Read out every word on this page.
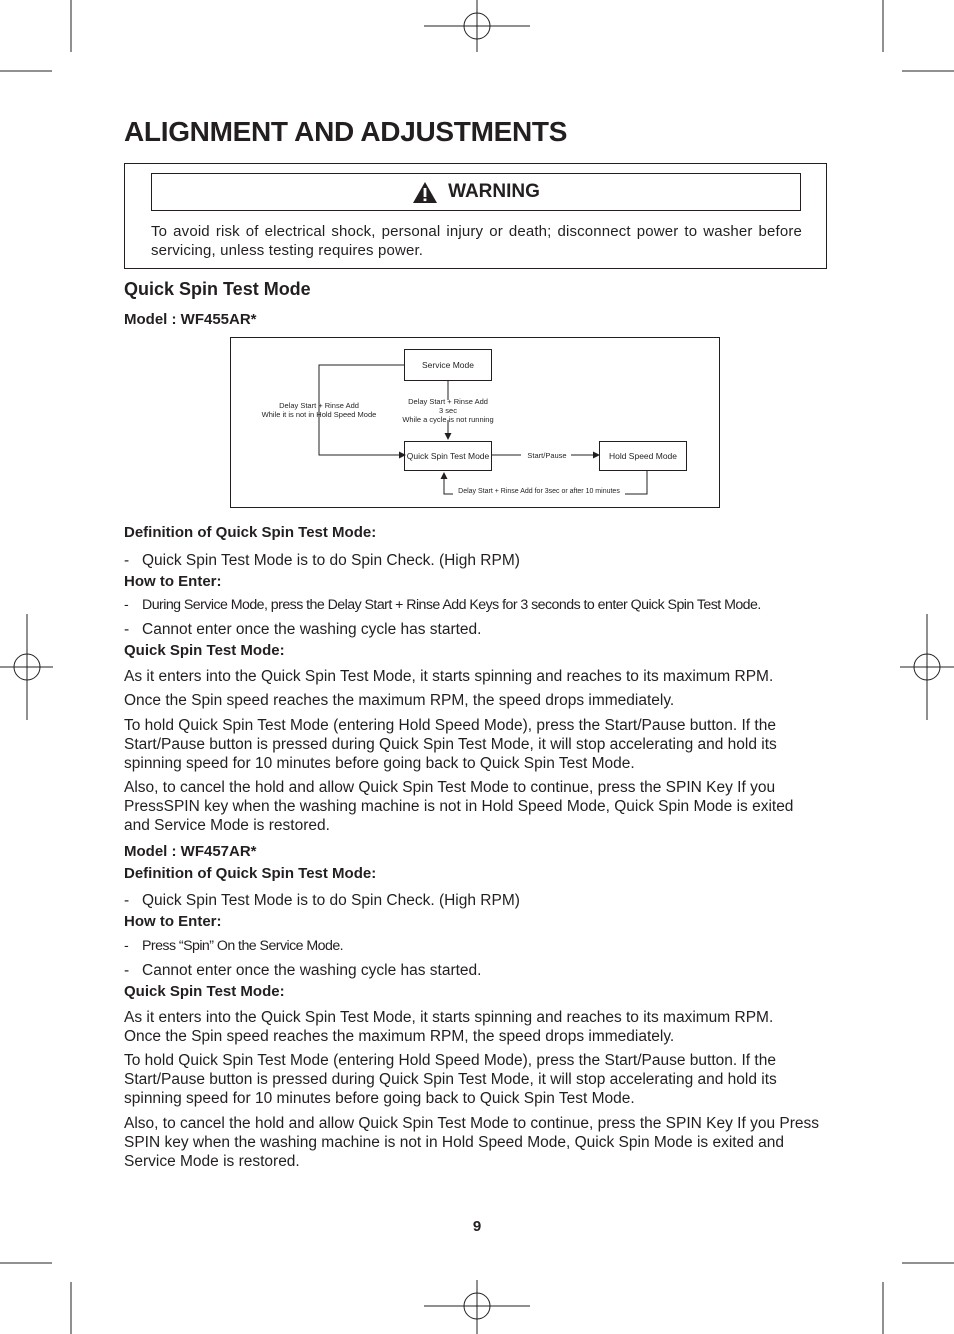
ALIGNMENT AND ADJUSTMENTS
WARNING
To avoid risk of electrical shock, personal injury or death; disconnect power to washer before servicing, unless testing requires power.
Quick Spin Test Mode
Model : WF455AR*
Service Mode
Delay Start + Rinse Add
While it is not in Hold Speed Mode
Delay Start + Rinse Add
3 sec
While a cycle is not running
Quick Spin Test Mode	Start/Pause	Hold Speed Mode
Delay Start + Rinse Add for 3sec or after 10 minutes
Definition of Quick Spin Test Mode:
- Quick Spin Test Mode is to do Spin Check. (High RPM)
How to Enter:
- During Service Mode, press the Delay Start + Rinse Add Keys for 3 seconds to enter Quick Spin Test Mode.
- Cannot enter once the washing cycle has started.
Quick Spin Test Mode:
As it enters into the Quick Spin Test Mode, it starts spinning and reaches to its maximum RPM.
Once the Spin speed reaches the maximum RPM, the speed drops immediately.
To hold Quick Spin Test Mode (entering Hold Speed Mode), press the Start/Pause button. If the Start/Pause button is pressed during Quick Spin Test Mode, it will stop accelerating and hold its spinning speed for 10 minutes before going back to Quick Spin Test Mode.
Also, to cancel the hold and allow Quick Spin Test Mode to continue, press the SPIN Key If you PressSPIN key when the washing machine is not in Hold Speed Mode, Quick Spin Mode is exited and Service Mode is restored.
Model : WF457AR*
Definition of Quick Spin Test Mode:
- Quick Spin Test Mode is to do Spin Check. (High RPM)
How to Enter:
- Press “Spin” On the Service Mode.
- Cannot enter once the washing cycle has started.
Quick Spin Test Mode:
As it enters into the Quick Spin Test Mode, it starts spinning and reaches to its maximum RPM. Once the Spin speed reaches the maximum RPM, the speed drops immediately.
To hold Quick Spin Test Mode (entering Hold Speed Mode), press the Start/Pause button. If the Start/Pause button is pressed during Quick Spin Test Mode, it will stop accelerating and hold its spinning speed for 10 minutes before going back to Quick Spin Test Mode.
Also, to cancel the hold and allow Quick Spin Test Mode to continue, press the SPIN Key If you Press SPIN key when the washing machine is not in Hold Speed Mode, Quick Spin Mode is exited and Service Mode is restored.
9
